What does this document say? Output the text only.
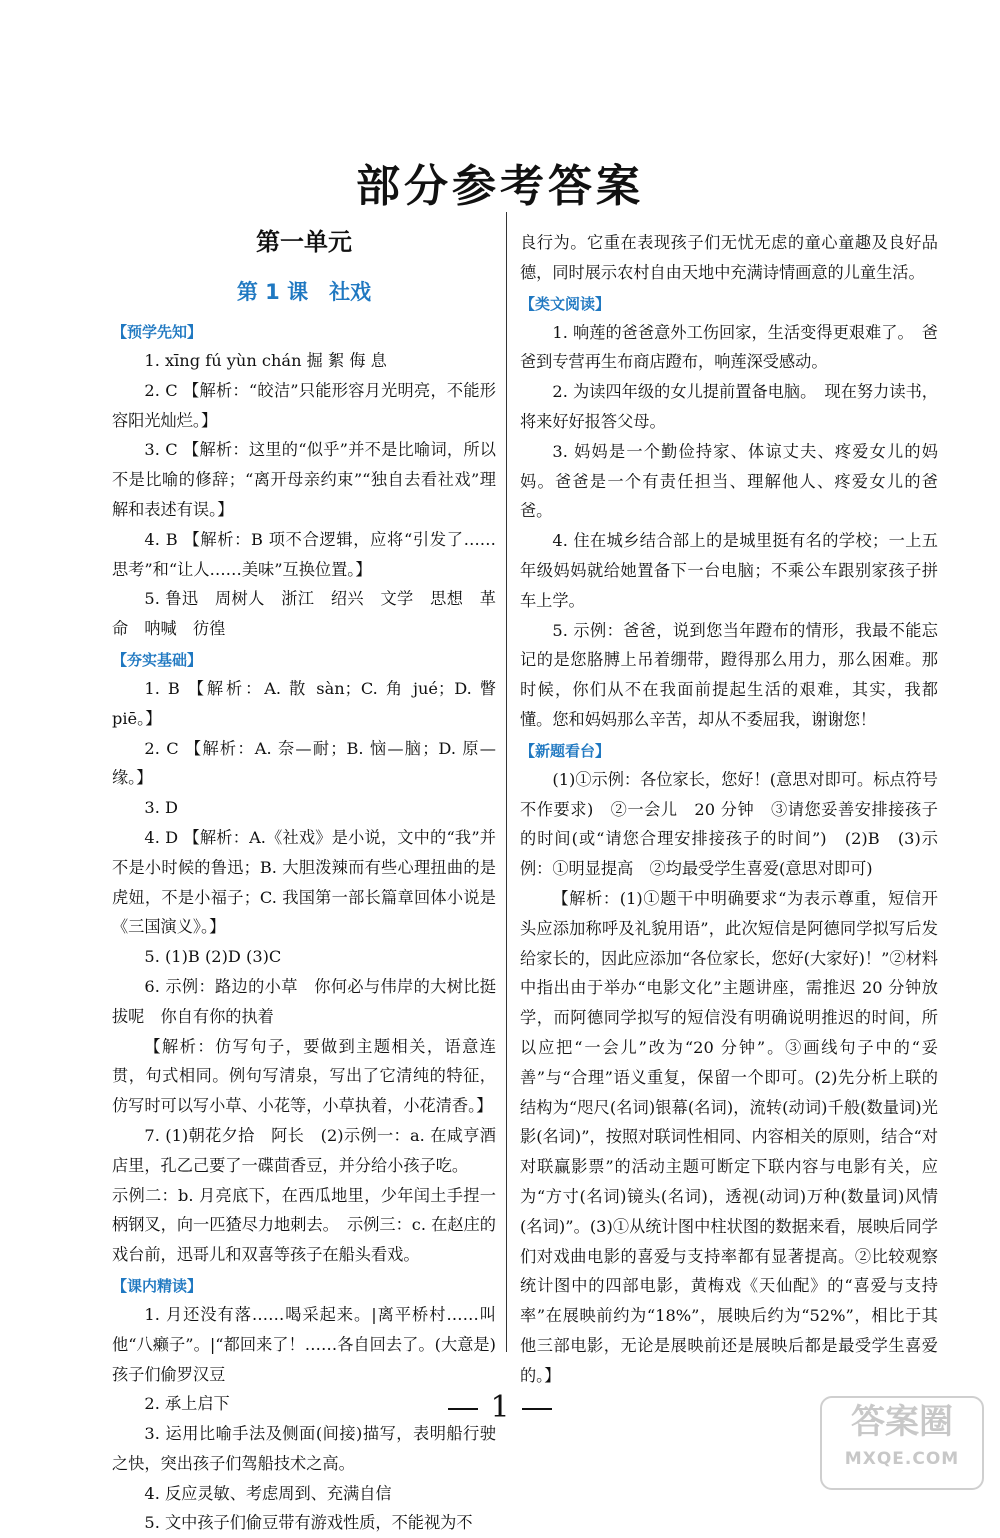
部分参考答案
第一单元
第 1 课　社戏
【预学先知】

1. xīng fú yùn chán 掘 絮 侮 息

2. C 【解析：“皎洁”只能形容月光明亮，不能形容阳光灿烂。】

3. C 【解析：这里的“似乎”并不是比喻词，所以不是比喻的修辞；“离开母亲约束”“独自去看社戏”理解和表述有误。】

4. B 【解析：B 项不合逻辑，应将“引发了……思考”和“让人……美味”互换位置。】

5. 鲁迅　周树人　浙江　绍兴　文学　思想　革命　呐喊　彷徨

【夯实基础】

1. B 【解析：A. 散 sàn；C. 角 jué；D. 瞥 piē。】

2. C 【解析：A. 奈—耐；B. 恼—脑；D. 原—缘。】

3. D

4. D 【解析：A.《社戏》是小说，文中的“我”并不是小时候的鲁迅；B. 大胆泼辣而有些心理扭曲的是虎妞，不是小福子；C. 我国第一部长篇章回体小说是《三国演义》。】

5. (1)B (2)D (3)C

6. 示例：路边的小草　你何必与伟岸的大树比挺拔呢　你自有你的执着

【解析：仿写句子，要做到主题相关，语意连贯，句式相同。例句写清泉，写出了它清纯的特征，仿写时可以写小草、小花等，小草执着，小花清香。】

7. (1)朝花夕拾　阿长　(2)示例一：a. 在咸亨酒店里，孔乙己要了一碟茴香豆，并分给小孩子吃。

示例二：b. 月亮底下，在西瓜地里，少年闰土手捏一柄钢叉，向一匹猹尽力地刺去。　示例三：c. 在赵庄的戏台前，迅哥儿和双喜等孩子在船头看戏。

【课内精读】

1. 月还没有落……喝采起来。|离平桥村……叫他“八癞子”。|“都回来了！……各自回去了。(大意是)孩子们偷罗汉豆

2. 承上启下

3. 运用比喻手法及侧面(间接)描写，表明船行驶之快，突出孩子们驾船技术之高。

4. 反应灵敏、考虑周到、充满自信

5. 文中孩子们偷豆带有游戏性质，不能视为不

良行为。它重在表现孩子们无忧无虑的童心童趣及良好品德，同时展示农村自由天地中充满诗情画意的儿童生活。

【类文阅读】

1. 响莲的爸爸意外工伤回家，生活变得更艰难了。　爸爸到专营再生布商店蹬布，响莲深受感动。

2. 为读四年级的女儿提前置备电脑。　现在努力读书，将来好好报答父母。

3. 妈妈是一个勤俭持家、体谅丈夫、疼爱女儿的妈妈。爸爸是一个有责任担当、理解他人、疼爱女儿的爸爸。

4. 住在城乡结合部上的是城里挺有名的学校；一上五年级妈妈就给她置备下一台电脑；不乘公车跟别家孩子拼车上学。

5. 示例：爸爸，说到您当年蹬布的情形，我最不能忘记的是您胳膊上吊着绷带，蹬得那么用力，那么困难。那时候，你们从不在我面前提起生活的艰难，其实，我都懂。您和妈妈那么辛苦，却从不委屈我，谢谢您！

【新题看台】

(1)①示例：各位家长，您好！(意思对即可。标点符号不作要求)　②一会儿　20 分钟　③请您妥善安排接孩子的时间(或“请您合理安排接孩子的时间”)　(2)B　(3)示例：①明显提高　②均最受学生喜爱(意思对即可)

【解析：(1)①题干中明确要求“为表示尊重，短信开头应添加称呼及礼貌用语”，此次短信是阿德同学拟写后发给家长的，因此应添加“各位家长，您好(大家好)！”②材料中指出由于举办“电影文化”主题讲座，需推迟 20 分钟放学，而阿德同学拟写的短信没有明确说明推迟的时间，所以应把“一会儿”改为“20 分钟”。③画线句子中的“妥善”与“合理”语义重复，保留一个即可。(2)先分析上联的结构为“咫尺(名词)银幕(名词)，流转(动词)千般(数量词)光影(名词)”，按照对联词性相同、内容相关的原则，结合“对对联赢影票”的活动主题可断定下联内容与电影有关，应为“方寸(名词)镜头(名词)，透视(动词)万种(数量词)风情(名词)”。(3)①从统计图中柱状图的数据来看，展映后同学们对戏曲电影的喜爱与支持率都有显著提高。②比较观察统计图中的四部电影，黄梅戏《天仙配》的“喜爱与支持率”在展映前约为“18%”，展映后约为“52%”，相比于其他三部电影，无论是展映前还是展映后都是最受学生喜爱的。】

1	答案圈
MXQE.COM
